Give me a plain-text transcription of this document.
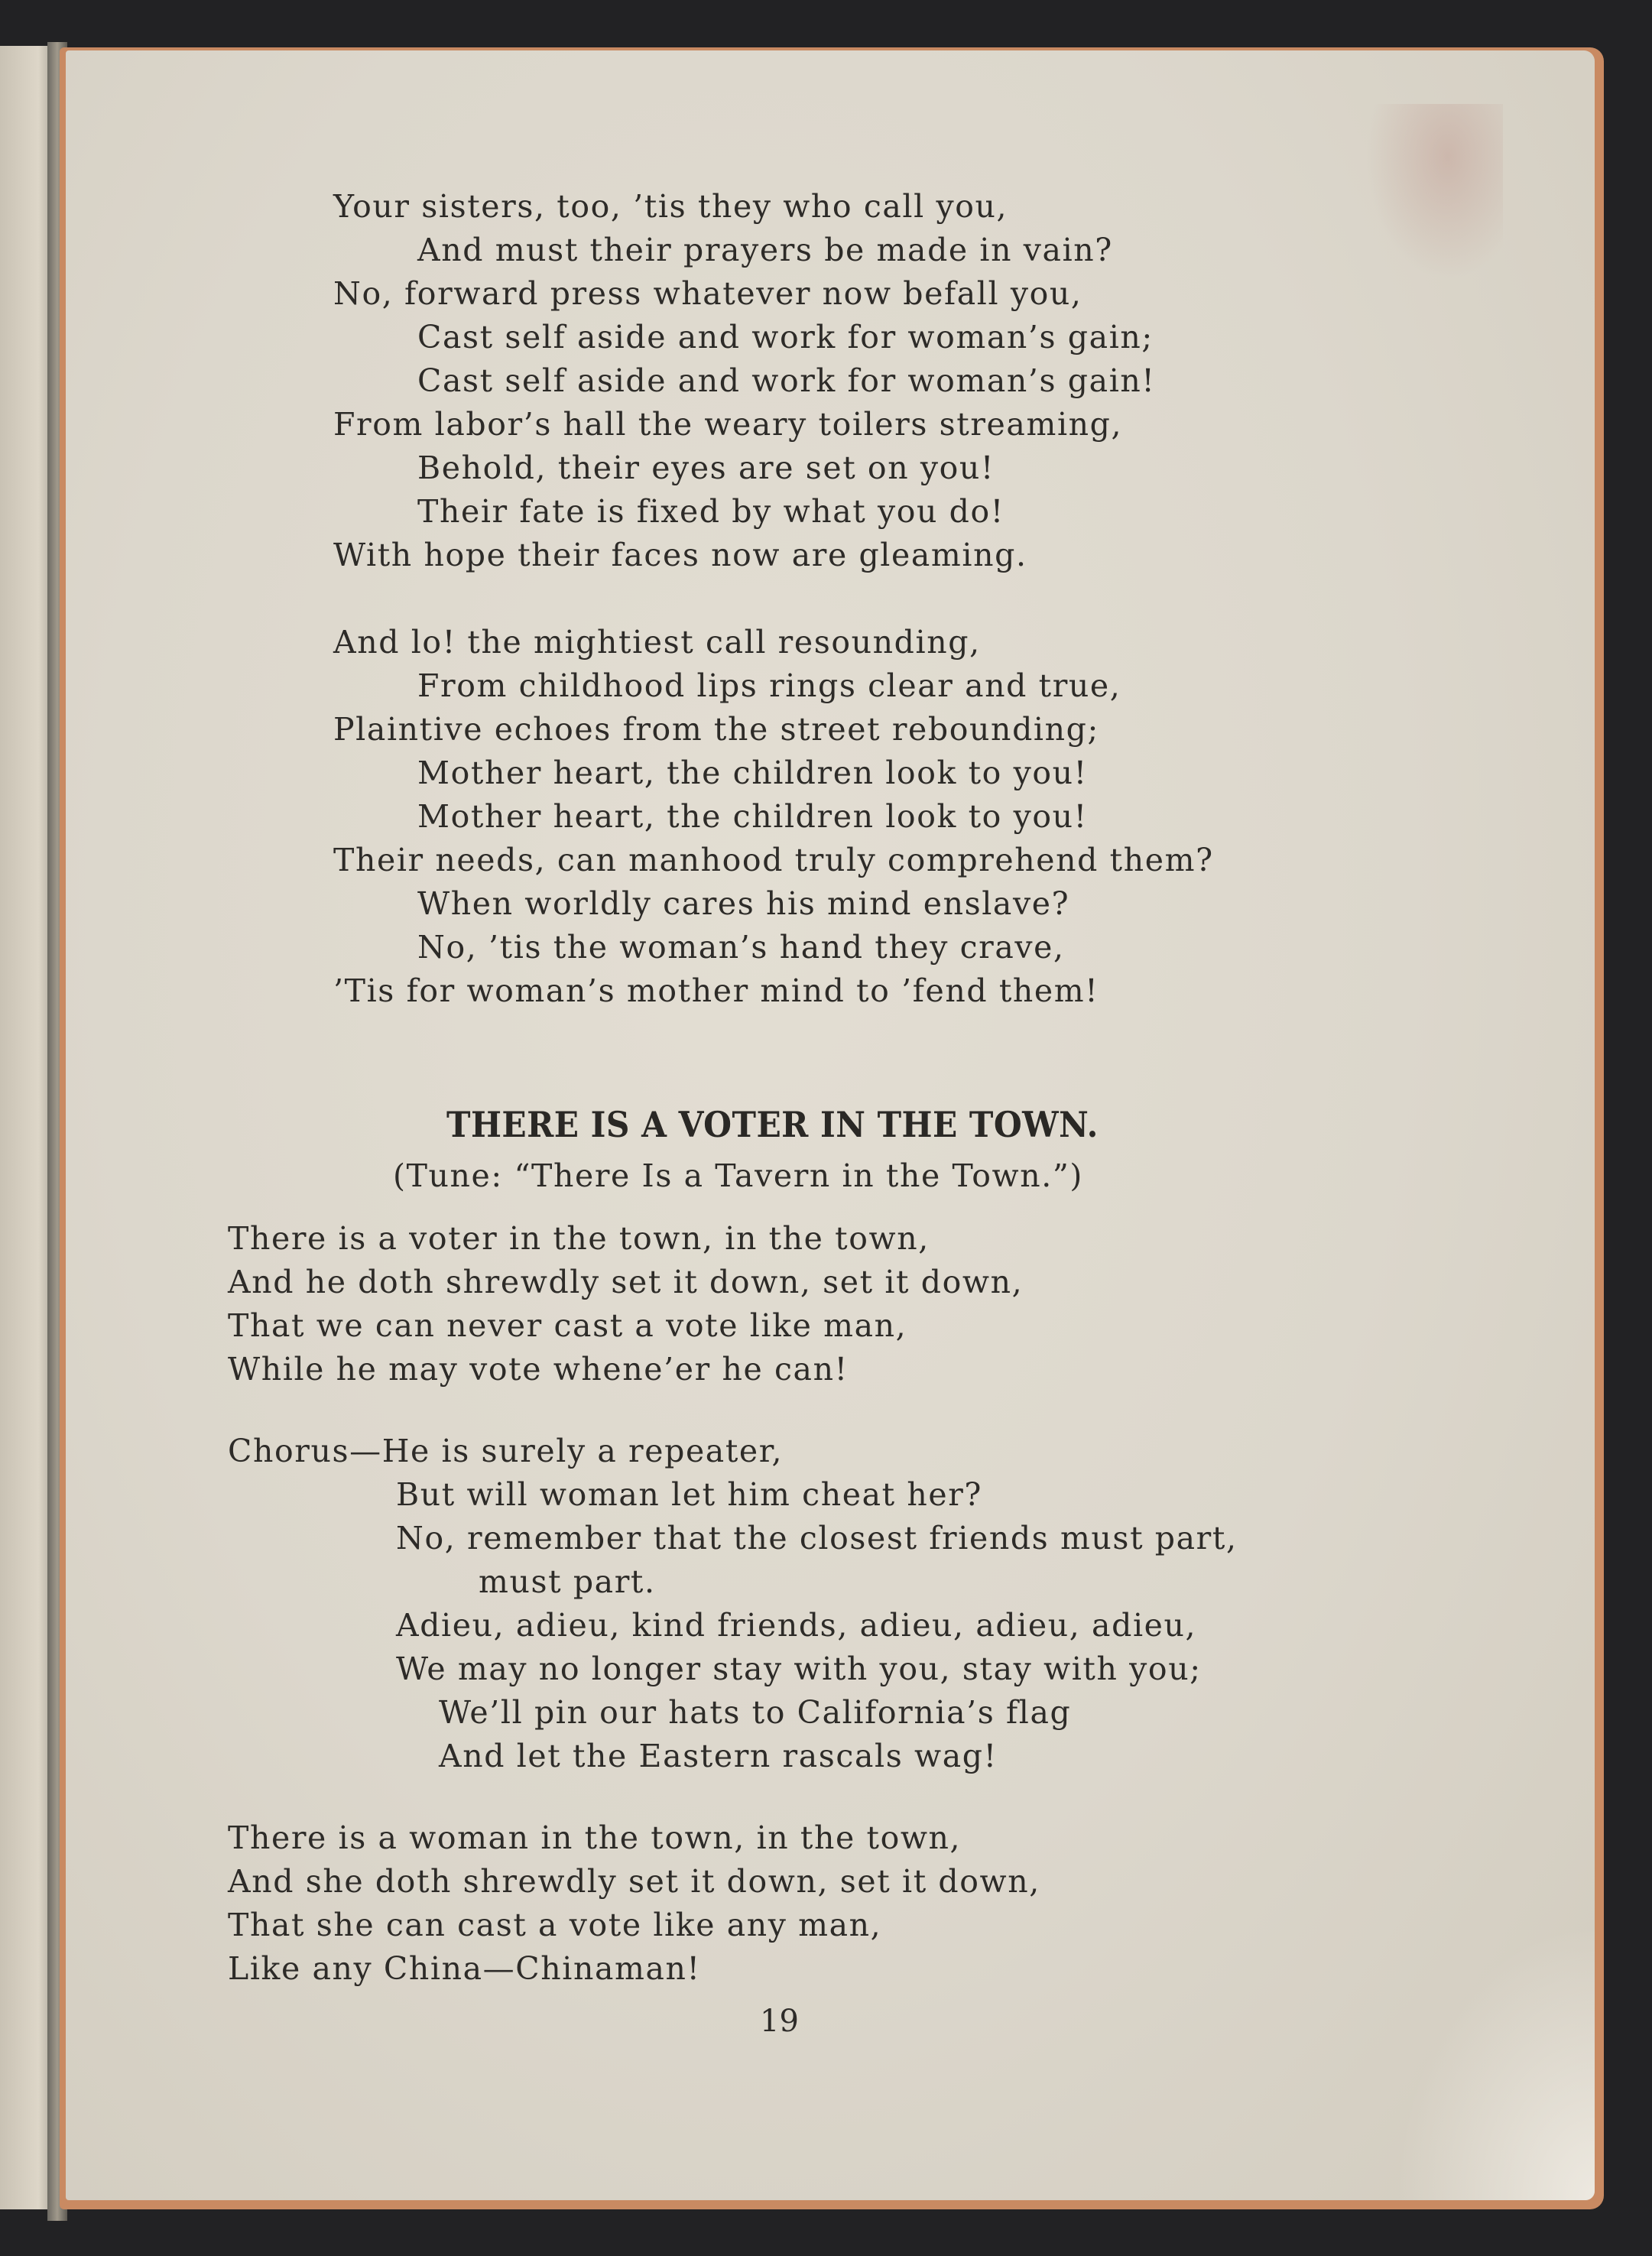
Your sisters, too, ’tis they who call you,
And must their prayers be made in vain?
No, forward press whatever now befall you,
Cast self aside and work for woman’s gain;
Cast self aside and work for woman’s gain!
From labor’s hall the weary toilers streaming,
Behold, their eyes are set on you!
Their fate is fixed by what you do!
With hope their faces now are gleaming.
And lo! the mightiest call resounding,
From childhood lips rings clear and true,
Plaintive echoes from the street rebounding;
Mother heart, the children look to you!
Mother heart, the children look to you!
Their needs, can manhood truly comprehend them?
When worldly cares his mind enslave?
No, ’tis the woman’s hand they crave,
’Tis for woman’s mother mind to ’fend them!
THERE IS A VOTER IN THE TOWN.
(Tune: “There Is a Tavern in the Town.”)
There is a voter in the town, in the town,
And he doth shrewdly set it down, set it down,
That we can never cast a vote like man,
While he may vote whene’er he can!
Chorus—He is surely a repeater,
But will woman let him cheat her?
No, remember that the closest friends must part,
must part.
Adieu, adieu, kind friends, adieu, adieu, adieu,
We may no longer stay with you, stay with you;
We’ll pin our hats to California’s flag
And let the Eastern rascals wag!
There is a woman in the town, in the town,
And she doth shrewdly set it down, set it down,
That she can cast a vote like any man,
Like any China—Chinaman!
19
